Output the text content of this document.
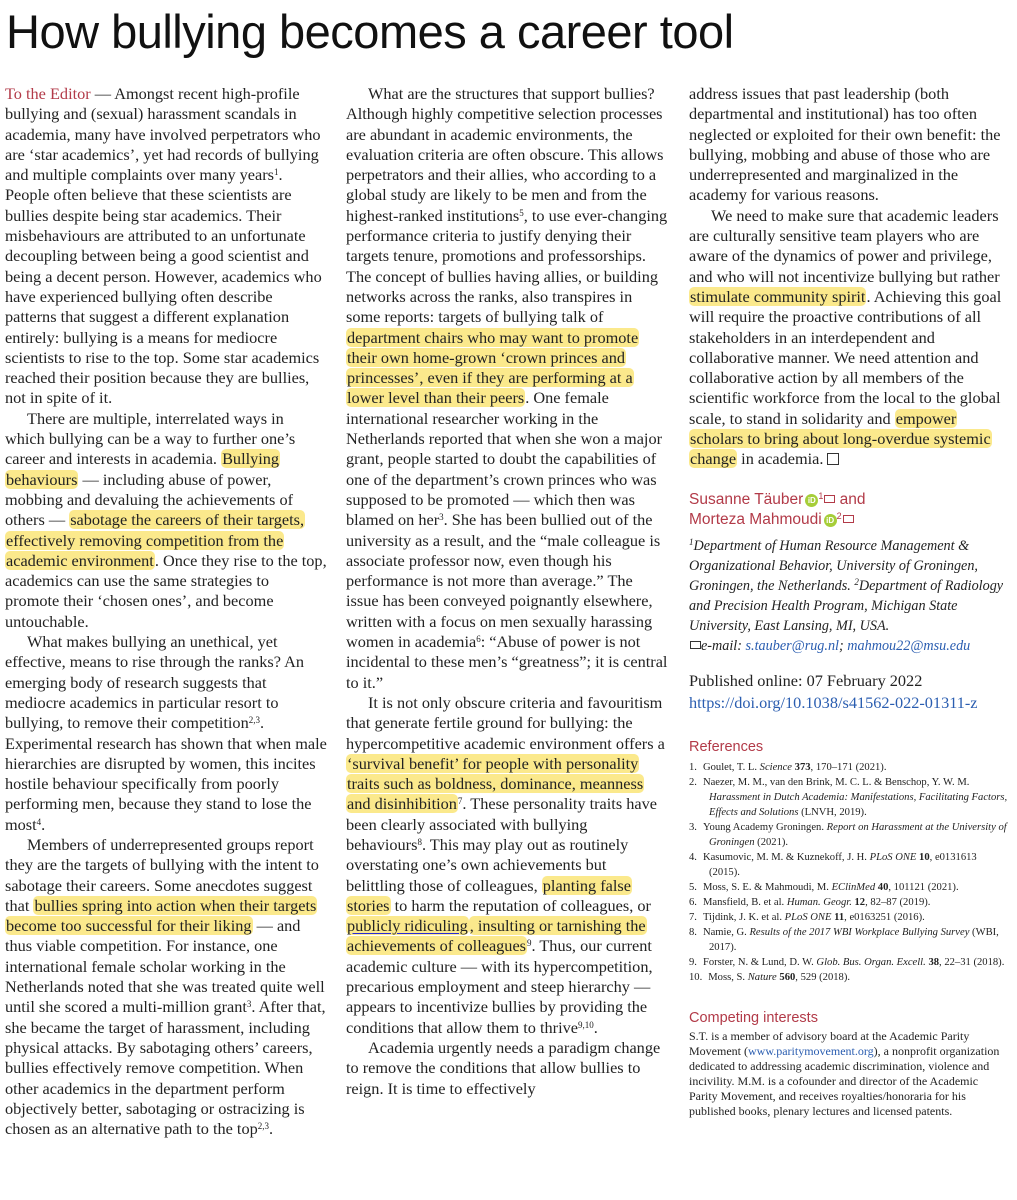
How bullying becomes a career tool

To the Editor — Amongst recent high-profile bullying and (sexual) harassment scandals in academia, many have involved perpetrators who are ‘star academics’, yet had records of bullying and multiple complaints over many years$^1$. People often believe that these scientists are bullies despite being star academics. Their misbehaviours are attributed to an unfortunate decoupling between being a good scientist and being a decent person. However, academics who have experienced bullying often describe patterns that suggest a different explanation entirely: bullying is a means for mediocre scientists to rise to the top. Some star academics reached their position because they are bullies, not in spite of it.

There are multiple, interrelated ways in which bullying can be a way to further one’s career and interests in academia. Bullying behaviours — including abuse of power, mobbing and devaluing the achievements of others — sabotage the careers of their targets, effectively removing competition from the academic environment. Once they rise to the top, academics can use the same strategies to promote their ‘chosen ones’, and become untouchable.

What makes bullying an unethical, yet effective, means to rise through the ranks? An emerging body of research suggests that mediocre academics in particular resort to bullying, to remove their competition$^{2,3}$. Experimental research has shown that when male hierarchies are disrupted by women, this incites hostile behaviour specifically from poorly performing men, because they stand to lose the most$^4$.

Members of underrepresented groups report they are the targets of bullying with the intent to sabotage their careers. Some anecdotes suggest that bullies spring into action when their targets become too successful for their liking — and thus viable competition. For instance, one international female scholar working in the Netherlands noted that she was treated quite well until she scored a multi-million grant$^3$. After that, she became the target of harassment, including physical attacks. By sabotaging others’ careers, bullies effectively remove competition. When other academics in the department perform objectively better, sabotaging or ostracizing is chosen as an alternative path to the top$^{2,3}$.

What are the structures that support bullies? Although highly competitive selection processes are abundant in academic environments, the evaluation criteria are often obscure. This allows perpetrators and their allies, who according to a global study are likely to be men and from the highest-ranked institutions$^5$, to use ever-changing performance criteria to justify denying their targets tenure, promotions and professorships. The concept of bullies having allies, or building networks across the ranks, also transpires in some reports: targets of bullying talk of department chairs who may want to promote their own home-grown ‘crown princes and princesses’, even if they are performing at a lower level than their peers. One female international researcher working in the Netherlands reported that when she won a major grant, people started to doubt the capabilities of one of the department’s crown princes who was supposed to be promoted — which then was blamed on her$^3$. She has been bullied out of the university as a result, and the “male colleague is associate professor now, even though his performance is not more than average.” The issue has been conveyed poignantly elsewhere, written with a focus on men sexually harassing women in academia$^6$: “Abuse of power is not incidental to these men’s “greatness”; it is central to it.”

It is not only obscure criteria and favouritism that generate fertile ground for bullying: the hypercompetitive academic environment offers a ‘survival benefit’ for people with personality traits such as boldness, dominance, meanness and disinhibition$^7$. These personality traits have been clearly associated with bullying behaviours$^8$. This may play out as routinely overstating one’s own achievements but belittling those of colleagues, planting false stories to harm the reputation of colleagues, or publicly ridiculing , insulting or tarnishing the achievements of colleagues$^9$. Thus, our current academic culture — with its hypercompetition, precarious employment and steep hierarchy — appears to incentivize bullies by providing the conditions that allow them to thrive$^{9,10}$.

Academia urgently needs a paradigm change to remove the conditions that allow bullies to reign. It is time to effectively

address issues that past leadership (both departmental and institutional) has too often neglected or exploited for their own benefit: the bullying, mobbing and abuse of those who are underrepresented and marginalized in the academy for various reasons.

We need to make sure that academic leaders are culturally sensitive team players who are aware of the dynamics of power and privilege, and who will not incentivize bullying but rather stimulate community spirit. Achieving this goal will require the proactive contributions of all stakeholders in an interdependent and collaborative manner. We need attention and collaborative action by all members of the scientific workforce from the local to the global scale, to stand in solidarity and empower scholars to bring about long-overdue systemic change in academia.

Susanne Täuber iD $^1$ and
Morteza Mahmoudi iD $^2$
$^1$Department of Human Resource Management & Organizational Behavior, University of Groningen, Groningen, the Netherlands. $^2$Department of Radiology and Precision Health Program, Michigan State University, East Lansing, MI, USA.
e-mail: s.tauber@rug.nl; mahmou22@msu.edu
Published online: 07 February 2022
https://doi.org/10.1038/s41562-022-01311-z
References
1. Goulet, T. L. Science 373, 170–171 (2021).
2. Naezer, M. M., van den Brink, M. C. L. & Benschop, Y. W. M. Harassment in Dutch Academia: Manifestations, Facilitating Factors, Effects and Solutions (LNVH, 2019).
3. Young Academy Groningen. Report on Harassment at the University of Groningen (2021).
4. Kasumovic, M. M. & Kuznekoff, J. H. PLoS ONE 10, e0131613 (2015).
5. Moss, S. E. & Mahmoudi, M. EClinMed 40, 101121 (2021).
6. Mansfield, B. et al. Human. Geogr. 12, 82–87 (2019).
7. Tijdink, J. K. et al. PLoS ONE 11, e0163251 (2016).
8. Namie, G. Results of the 2017 WBI Workplace Bullying Survey (WBI, 2017).
9. Forster, N. & Lund, D. W. Glob. Bus. Organ. Excell. 38, 22–31 (2018).
10. Moss, S. Nature 560, 529 (2018).
Competing interests
S.T. is a member of advisory board at the Academic Parity Movement (www.paritymovement.org), a nonprofit organization dedicated to addressing academic discrimination, violence and incivility. M.M. is a cofounder and director of the Academic Parity Movement, and receives royalties/honoraria for his published books, plenary lectures and licensed patents.
